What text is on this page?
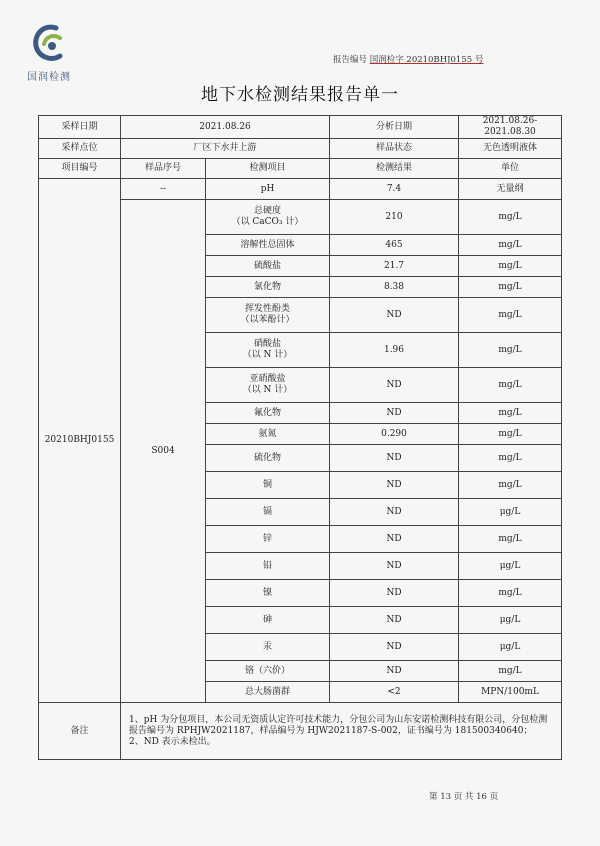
国润检测
报告编号 国润检字 20210BHJ0155 号
地下水检测结果报告单一
采样日期	2021.08.26		分析日期	2021.08.26-2021.08.30
采样点位	厂区下水井上游		样品状态	无色透明液体
项目编号	样品序号	检测项目	检测结果	单位
20210BHJ0155	--	pH	7.4	无量纲
	S004	总硬度
（以 CaCO₃ 计）	210	mg/L

		溶解性总固体	465	mg/L

		硫酸盐	21.7	mg/L

		氯化物	8.38	mg/L

		挥发性酚类
（以苯酚计）	ND	mg/L

		硝酸盐
（以 N 计）	1.96	mg/L

		亚硝酸盐
（以 N 计）	ND	mg/L

		氟化物	ND	mg/L

		氨氮	0.290	mg/L

		硫化物	ND	mg/L

		铜	ND	mg/L

		镉	ND	μg/L

		锌	ND	mg/L

		铅	ND	μg/L

		镍	ND	mg/L

		砷	ND	μg/L

		汞	ND	μg/L

		铬（六价）	ND	mg/L

		总大肠菌群	<2	MPN/100mL
备注	1、pH 为分包项目，本公司无资质认定许可技术能力，分包公司为山东安诺检测科技有限公司，分包检测报告编号为 RPHJW2021187，样品编号为 HJW2021187-S-002，证书编号为 181500340640；
2、ND 表示未检出。			
第 13 页 共 16 页
